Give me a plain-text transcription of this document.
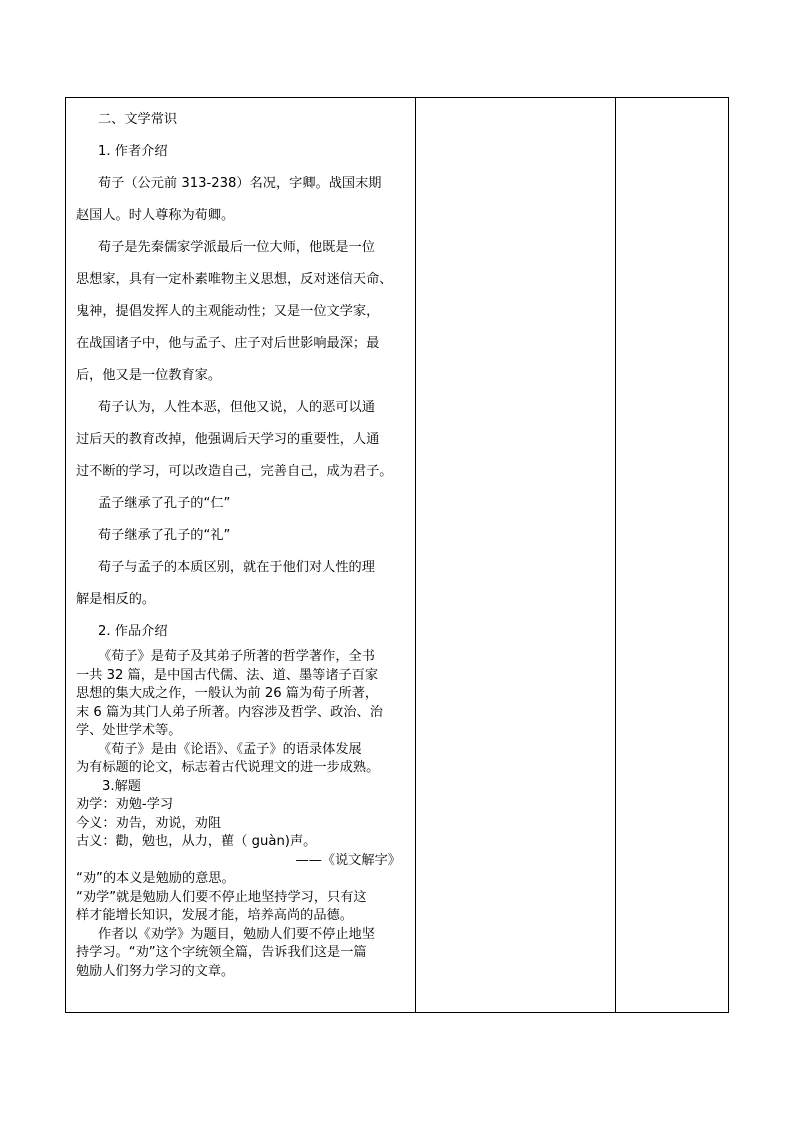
二、文学常识
1. 作者介绍
荀子（公元前 313-238）名况，字卿。战国末期
赵国人。时人尊称为荀卿。
荀子是先秦儒家学派最后一位大师，他既是一位
思想家，具有一定朴素唯物主义思想，反对迷信天命、
鬼神，提倡发挥人的主观能动性；又是一位文学家，
在战国诸子中，他与孟子、庄子对后世影响最深；最
后，他又是一位教育家。
荀子认为，人性本恶，但他又说，人的恶可以通
过后天的教育改掉，他强调后天学习的重要性，人通
过不断的学习，可以改造自己，完善自己，成为君子。
孟子继承了孔子的“仁”
荀子继承了孔子的“礼”
荀子与孟子的本质区别，就在于他们对人性的理
解是相反的。
2. 作品介绍
《荀子》是荀子及其弟子所著的哲学著作，全书
一共 32 篇，是中国古代儒、法、道、墨等诸子百家
思想的集大成之作，一般认为前 26 篇为荀子所著，
末 6 篇为其门人弟子所著。内容涉及哲学、政治、治
学、处世学术等。
《荀子》是由《论语》、《孟子》的语录体发展
为有标题的论文，标志着古代说理文的进一步成熟。
3.解题
劝学：劝勉-学习
今义：劝告，劝说，劝阻
古义：勸，勉也，从力，雚（ guàn)声。
——《说文解字》
“劝”的本义是勉励的意思。
“劝学”就是勉励人们要不停止地坚持学习，只有这
样才能增长知识，发展才能，培养高尚的品德。
作者以《劝学》为题目，勉励人们要不停止地坚
持学习。“劝”这个字统领全篇，告诉我们这是一篇
勉励人们努力学习的文章。
